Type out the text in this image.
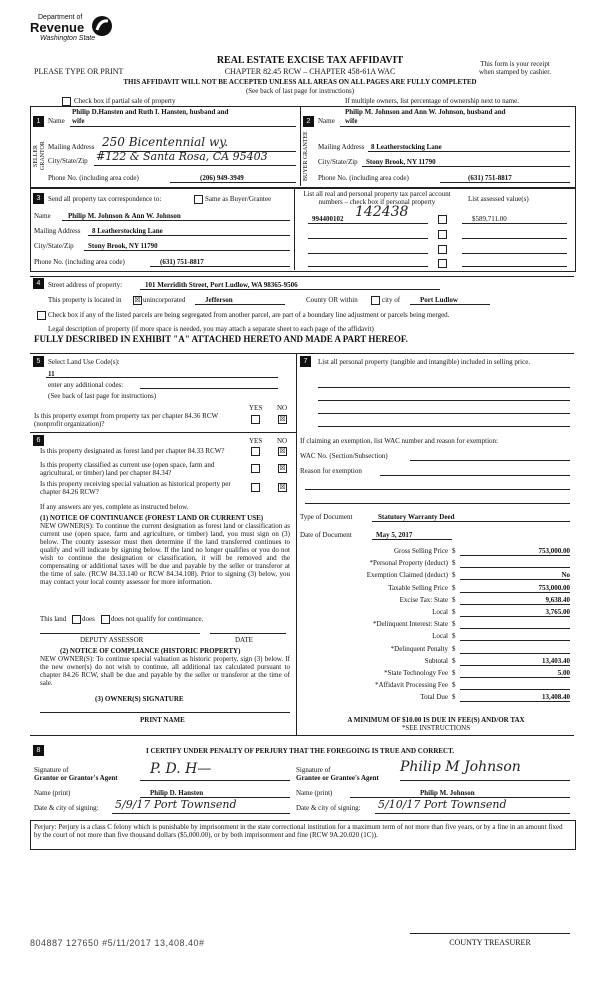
Department of
Revenue
Washington State
REAL ESTATE EXCISE TAX AFFIDAVIT
CHAPTER 82.45 RCW – CHAPTER 458-61A WAC
PLEASE TYPE OR PRINT
This form is your receipt
when stamped by cashier.
THIS AFFIDAVIT WILL NOT BE ACCEPTED UNLESS ALL AREAS ON ALL PAGES ARE FULLY COMPLETED
(See back of last page for instructions)
Check box if partial sale of property	If multiple owners, list percentage of ownership next to name.
1
SELLER GRANTOR
Philip D.Hansten and Ruth I. Hansten, husband and
Name wife
Mailing Address 250 Bicentennial wy.
City/State/Zip #122 & Santa Rosa, CA 95403
Phone No. (including area code)	(206) 949-3949
2
BUYER GRANTEE
Philip M. Johnson and Ann W. Johnson, husband and
Name wife
Mailing Address 8 Leatherstocking Lane
City/State/Zip Stony Brook, NY 11790
Phone No. (including area code)	(631) 751-8817
3	Send all property tax correspondence to:	Same as Buyer/Grantee
Name Philip M. Johnson & Ann W. Johnson
Mailing Address 8 Leatherstocking Lane
City/State/Zip Stony Brook, NY 11790
Phone No. (including area code)	(631) 751-8817
List all real and personal property tax parcel account
numbers – check box if personal property	List assessed value(s)
994400102 142438	$589,711.00
4	Street address of property:	101 Merridith Street, Port Ludlow, WA 98365-9506
This property is located in ☒ unincorporated	Jefferson	County OR within	city of	Port Ludlow
Check box if any of the listed parcels are being segregated from another parcel, are part of a boundary line adjustment or parcels being merged.
Legal description of property (if more space is needed, you may attach a separate sheet to each page of the affidavit)
FULLY DESCRIBED IN EXHIBIT "A" ATTACHED HERETO AND MADE A PART HEREOF.
5	Select Land Use Code(s):
11
enter any additional codes:
(See back of last page for instructions)
YES NO
Is this property exempt from property tax per chapter 84.36 RCW (nonprofit organization)?
☒
7	List all personal property (tangible and intangible) included in selling price.
6	YES NO
Is this property designated as forest land per chapter 84.33 RCW?	☒
Is this property classified as current use (open space, farm and agricultural, or timber) land per chapter 84.34?
☒
Is this property receiving special valuation as historical property per chapter 84.26 RCW?
☒
If any answers are yes, complete as instructed below.
(1) NOTICE OF CONTINUANCE (FOREST LAND OR CURRENT USE)
NEW OWNER(S): To continue the current designation as forest land or classification as current use (open space, farm and agriculture, or timber) land, you must sign on (3) below. The county assessor must then determine if the land transferred continues to qualify and will indicate by signing below. If the land no longer qualifies or you do not wish to continue the designation or classification, it will be removed and the compensating or additional taxes will be due and payable by the seller or transferor at the time of sale. (RCW 84.33.140 or RCW 84.34.108). Prior to signing (3) below, you may contact your local county assessor for more information.
This land does does not qualify for continuance.
DEPUTY ASSESSOR	DATE
(2) NOTICE OF COMPLIANCE (HISTORIC PROPERTY)
NEW OWNER(S): To continue special valuation as historic property, sign (3) below. If the new owner(s) do not wish to continue, all additional tax calculated pursuant to chapter 84.26 RCW, shall be due and payable by the seller or transferor at the time of sale.
(3) OWNER(S) SIGNATURE
PRINT NAME
If claiming an exemption, list WAC number and reason for exemption:
WAC No. (Section/Subsection)
Reason for exemption
Type of Document	Statutory Warranty Deed
Date of Document	May 5, 2017
Gross Selling Price $	753,000.00
*Personal Property (deduct) $
Exemption Claimed (deduct) $	No
Taxable Selling Price $	753,000.00
Excise Tax: State $	9,638.40
Local $	3,765.00
*Delinquent Interest: State $
Local $
*Delinquent Penalty $
Subtotal $	13,403.40
*State Technology Fee $	5.00
*Affidavit Processing Fee $
Total Due $	13,408.40
A MINIMUM OF $10.00 IS DUE IN FEE(S) AND/OR TAX
*SEE INSTRUCTIONS
8	I CERTIFY UNDER PENALTY OF PERJURY THAT THE FOREGOING IS TRUE AND CORRECT.
Signature of
Grantor or Grantor's Agent
P. D. H—
Name (print)	Philip D. Hansten
Date & city of signing: 5/9/17 Port Townsend
Signature of
Grantee or Grantee's Agent
Philip M Johnson
Name (print)	Philip M. Johnson
Date & city of signing: 5/10/17 Port Townsend
Perjury: Perjury is a class C felony which is punishable by imprisonment in the state correctional institution for a maximum term of not more than five years, or by a fine in an amount fixed by the court of not more than five thousand dollars ($5,000.00), or by both imprisonment and fine (RCW 9A.20.020 (1C)).
804887 127650 #5/11/2017 13,408.40#	COUNTY TREASURER
